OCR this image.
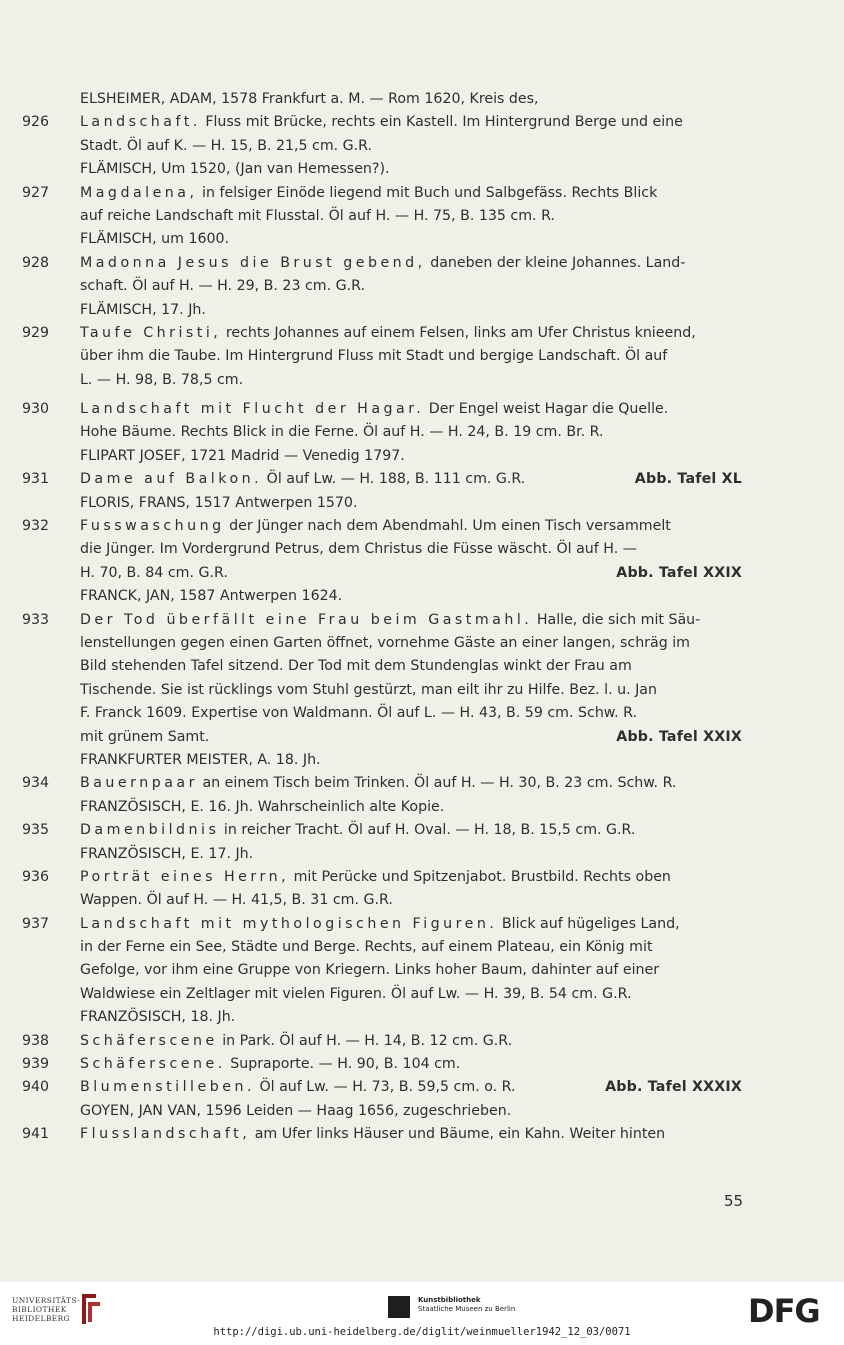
ELSHEIMER, ADAM, 1578 Frankfurt a. M. — Rom 1620, Kreis des,
926	Landschaft. Fluss mit Brücke, rechts ein Kastell. Im Hintergrund Berge und eine
Stadt. Öl auf K. — H. 15, B. 21,5 cm. G.R.
FLÄMISCH, Um 1520, (Jan van Hemessen?).
927	Magdalena, in felsiger Einöde liegend mit Buch und Salbgefäss. Rechts Blick
auf reiche Landschaft mit Flusstal. Öl auf H. — H. 75, B. 135 cm. R.
FLÄMISCH, um 1600.
928	Madonna Jesus die Brust gebend, daneben der kleine Johannes. Land-
schaft. Öl auf H. — H. 29, B. 23 cm. G.R.
FLÄMISCH, 17. Jh.
929	Taufe Christi, rechts Johannes auf einem Felsen, links am Ufer Christus knieend,
über ihm die Taube. Im Hintergrund Fluss mit Stadt und bergige Landschaft. Öl auf
L. — H. 98, B. 78,5 cm.
930	Landschaft mit Flucht der Hagar. Der Engel weist Hagar die Quelle.
Hohe Bäume. Rechts Blick in die Ferne. Öl auf H. — H. 24, B. 19 cm. Br. R.
FLIPART JOSEF, 1721 Madrid — Venedig 1797.
931	Dame auf Balkon. Öl auf Lw. — H. 188, B. 111 cm. G.R.	Abb. Tafel XL
FLORIS, FRANS, 1517 Antwerpen 1570.
932	Fusswaschung der Jünger nach dem Abendmahl. Um einen Tisch versammelt
die Jünger. Im Vordergrund Petrus, dem Christus die Füsse wäscht. Öl auf H. —
H. 70, B. 84 cm. G.R.	Abb. Tafel XXIX
FRANCK, JAN, 1587 Antwerpen 1624.
933	Der Tod überfällt eine Frau beim Gastmahl. Halle, die sich mit Säu-
lenstellungen gegen einen Garten öffnet, vornehme Gäste an einer langen, schräg im
Bild stehenden Tafel sitzend. Der Tod mit dem Stundenglas winkt der Frau am
Tischende. Sie ist rücklings vom Stuhl gestürzt, man eilt ihr zu Hilfe. Bez. l. u. Jan
F. Franck 1609. Expertise von Waldmann. Öl auf L. — H. 43, B. 59 cm. Schw. R.
mit grünem Samt.	Abb. Tafel XXIX
FRANKFURTER MEISTER, A. 18. Jh.
934	Bauernpaar an einem Tisch beim Trinken. Öl auf H. — H. 30, B. 23 cm. Schw. R.
FRANZÖSISCH, E. 16. Jh. Wahrscheinlich alte Kopie.
935	Damenbildnis in reicher Tracht. Öl auf H. Oval. — H. 18, B. 15,5 cm. G.R.
FRANZÖSISCH, E. 17. Jh.
936	Porträt eines Herrn, mit Perücke und Spitzenjabot. Brustbild. Rechts oben
Wappen. Öl auf H. — H. 41,5, B. 31 cm. G.R.
937	Landschaft mit mythologischen Figuren. Blick auf hügeliges Land,
in der Ferne ein See, Städte und Berge. Rechts, auf einem Plateau, ein König mit
Gefolge, vor ihm eine Gruppe von Kriegern. Links hoher Baum, dahinter auf einer
Waldwiese ein Zeltlager mit vielen Figuren. Öl auf Lw. — H. 39, B. 54 cm. G.R.
FRANZÖSISCH, 18. Jh.
938	Schäferscene in Park. Öl auf H. — H. 14, B. 12 cm. G.R.
939	Schäferscene. Supraporte. — H. 90, B. 104 cm.
940	Blumenstilleben. Öl auf Lw. — H. 73, B. 59,5 cm. o. R.	Abb. Tafel XXXIX
GOYEN, JAN VAN, 1596 Leiden — Haag 1656, zugeschrieben.
941	Flusslandschaft, am Ufer links Häuser und Bäume, ein Kahn. Weiter hinten
55
UNIVERSITÄTS-
BIBLIOTHEK
HEIDELBERG
Kunstbibliothek
Staatliche Museen zu Berlin	DFG
http://digi.ub.uni-heidelberg.de/diglit/weinmueller1942_12_03/0071
